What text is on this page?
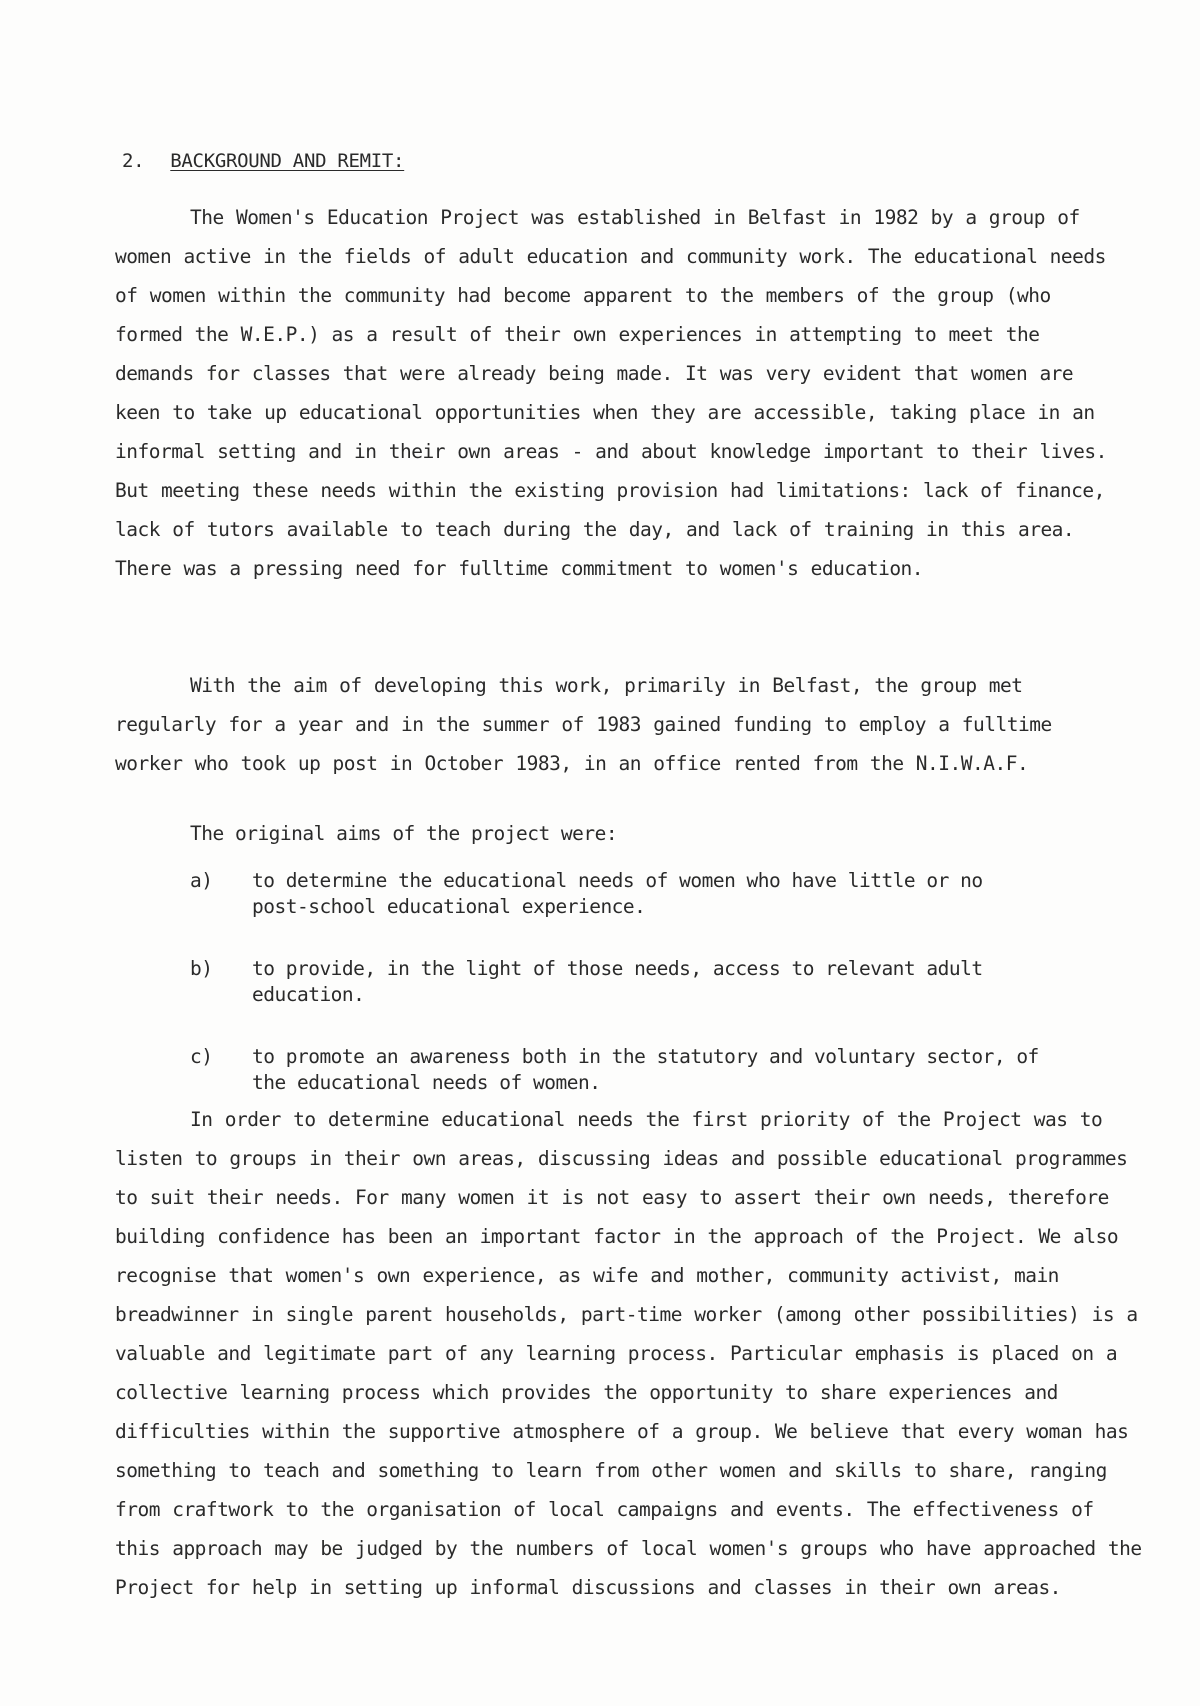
2. BACKGROUND AND REMIT:

The Women's Education Project was established in Belfast in 1982 by a group of women active in the fields of adult education and community work. The educational needs of women within the community had become apparent to the members of the group (who formed the W.E.P.) as a result of their own experiences in attempting to meet the demands for classes that were already being made. It was very evident that women are keen to take up educational opportunities when they are accessible, taking place in an informal setting and in their own areas - and about knowledge important to their lives. But meeting these needs within the existing provision had limitations: lack of finance, lack of tutors available to teach during the day, and lack of training in this area. There was a pressing need for fulltime commitment to women's education.

With the aim of developing this work, primarily in Belfast, the group met regularly for a year and in the summer of 1983 gained funding to employ a fulltime worker who took up post in October 1983, in an office rented from the N.I.W.A.F.

The original aims of the project were:

a) to determine the educational needs of women who have little or no post-school educational experience.
b) to provide, in the light of those needs, access to relevant adult education.
c) to promote an awareness both in the statutory and voluntary sector, of the educational needs of women.

In order to determine educational needs the first priority of the Project was to listen to groups in their own areas, discussing ideas and possible educational programmes to suit their needs. For many women it is not easy to assert their own needs, therefore building confidence has been an important factor in the approach of the Project. We also recognise that women's own experience, as wife and mother, community activist, main breadwinner in single parent households, part-time worker (among other possibilities) is a valuable and legitimate part of any learning process. Particular emphasis is placed on a collective learning process which provides the opportunity to share experiences and difficulties within the supportive atmosphere of a group. We believe that every woman has something to teach and something to learn from other women and skills to share, ranging from craftwork to the organisation of local campaigns and events. The effectiveness of this approach may be judged by the numbers of local women's groups who have approached the Project for help in setting up informal discussions and classes in their own areas.
